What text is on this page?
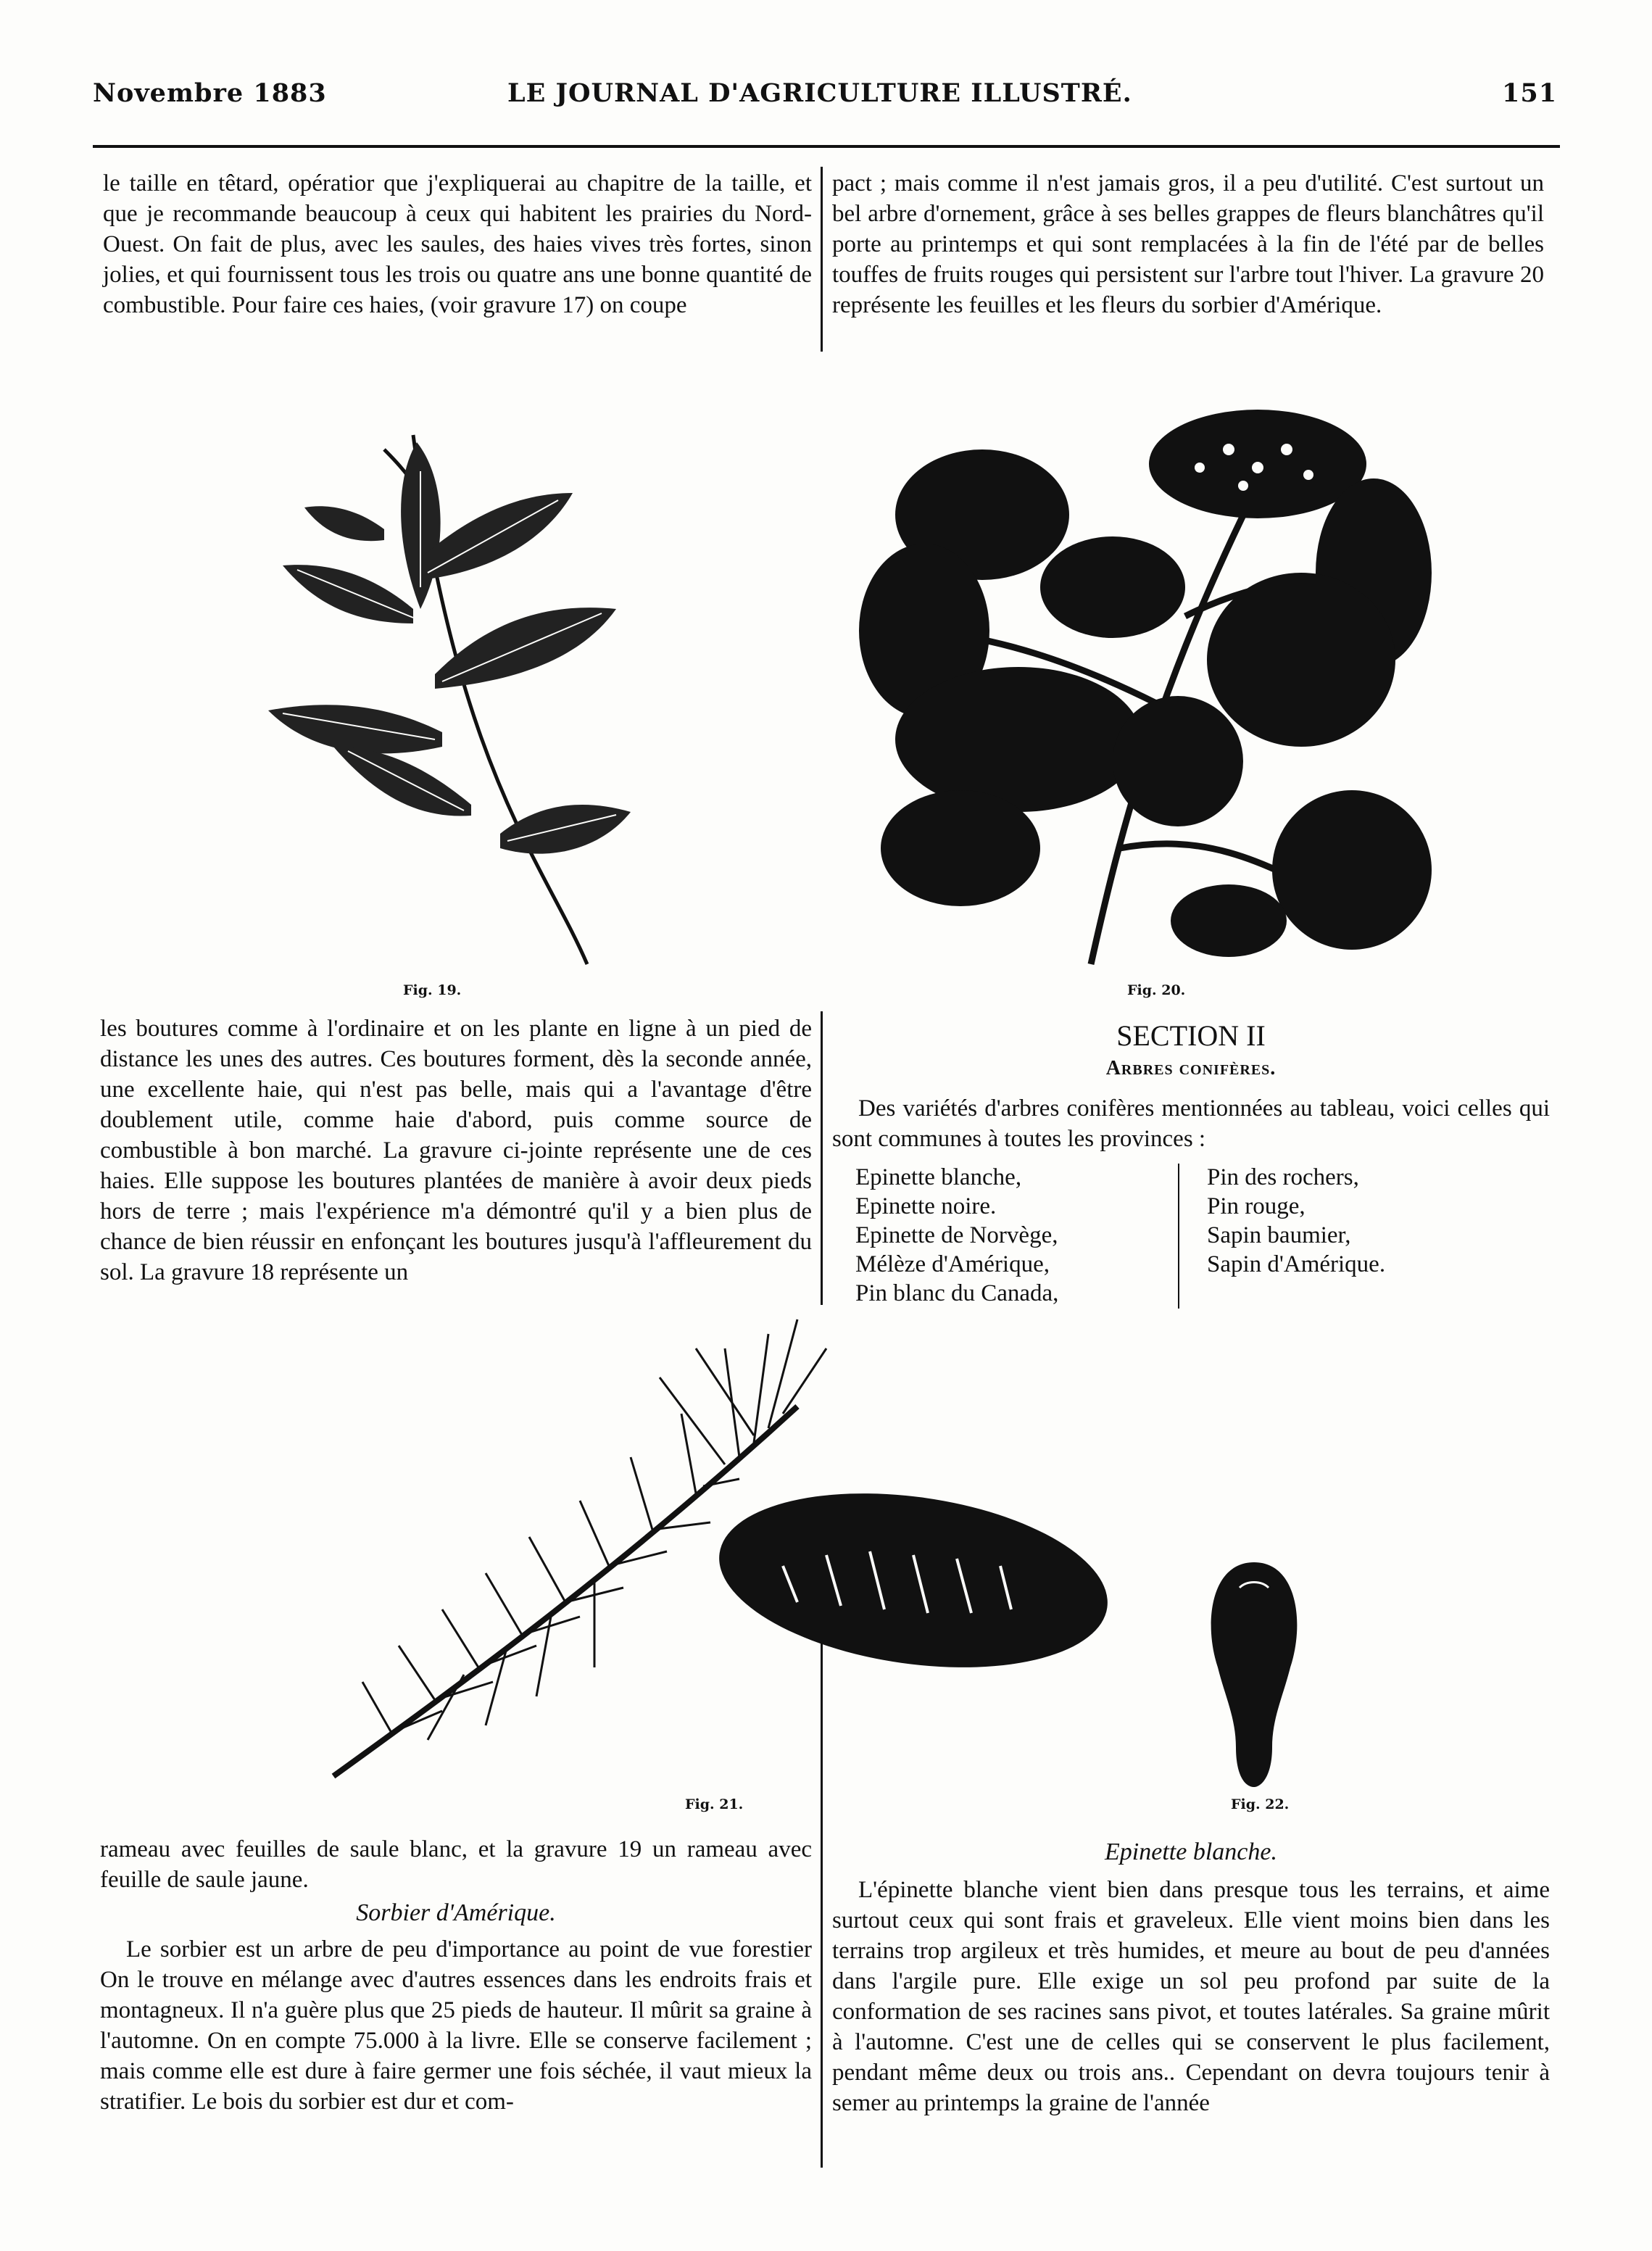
Novembre 1883	LE JOURNAL D'AGRICULTURE ILLUSTRÉ.	151

le taille en têtard, opératior que j'expliquerai au chapitre de la taille, et que je recommande beaucoup à ceux qui habitent les prairies du Nord-Ouest. On fait de plus, avec les saules, des haies vives très fortes, sinon jolies, et qui fournissent tous les trois ou quatre ans une bonne quantité de combustible. Pour faire ces haies, (voir gravure 17) on coupe

pact ; mais comme il n'est jamais gros, il a peu d'utilité. C'est surtout un bel arbre d'ornement, grâce à ses belles grappes de fleurs blanchâtres qu'il porte au printemps et qui sont remplacées à la fin de l'été par de belles touffes de fruits rouges qui persistent sur l'arbre tout l'hiver. La gravure 20 représente les feuilles et les fleurs du sorbier d'Amérique.

Fig. 19.	Fig. 20.

les boutures comme à l'ordinaire et on les plante en ligne à un pied de distance les unes des autres. Ces boutures forment, dès la seconde année, une excellente haie, qui n'est pas belle, mais qui a l'avantage d'être doublement utile, comme haie d'abord, puis comme source de combustible à bon marché. La gravure ci-jointe représente une de ces haies. Elle suppose les boutures plantées de manière à avoir deux pieds hors de terre ; mais l'expérience m'a démontré qu'il y a bien plus de chance de bien réussir en enfonçant les boutures jusqu'à l'affleurement du sol. La gravure 18 représente un

SECTION II
Arbres conifères.

Des variétés d'arbres conifères mentionnées au tableau, voici celles qui sont communes à toutes les provinces :

Epinette blanche,
Epinette noire.
Epinette de Norvège,
Mélèze d'Amérique,
Pin blanc du Canada,
Pin des rochers,
Pin rouge,
Sapin baumier,
Sapin d'Amérique.
Fig. 21.	Fig. 22.

rameau avec feuilles de saule blanc, et la gravure 19 un rameau avec feuille de saule jaune.

Sorbier d'Amérique.

Le sorbier est un arbre de peu d'importance au point de vue forestier On le trouve en mélange avec d'autres essences dans les endroits frais et montagneux. Il n'a guère plus que 25 pieds de hauteur. Il mûrit sa graine à l'automne. On en compte 75.000 à la livre. Elle se conserve facilement ; mais comme elle est dure à faire germer une fois séchée, il vaut mieux la stratifier. Le bois du sorbier est dur et com-

Epinette blanche.

L'épinette blanche vient bien dans presque tous les terrains, et aime surtout ceux qui sont frais et graveleux. Elle vient moins bien dans les terrains trop argileux et très humides, et meure au bout de peu d'années dans l'argile pure. Elle exige un sol peu profond par suite de la conformation de ses racines sans pivot, et toutes latérales. Sa graine mûrit à l'automne. C'est une de celles qui se conservent le plus facilement, pendant même deux ou trois ans.. Cependant on devra toujours tenir à semer au printemps la graine de l'année
